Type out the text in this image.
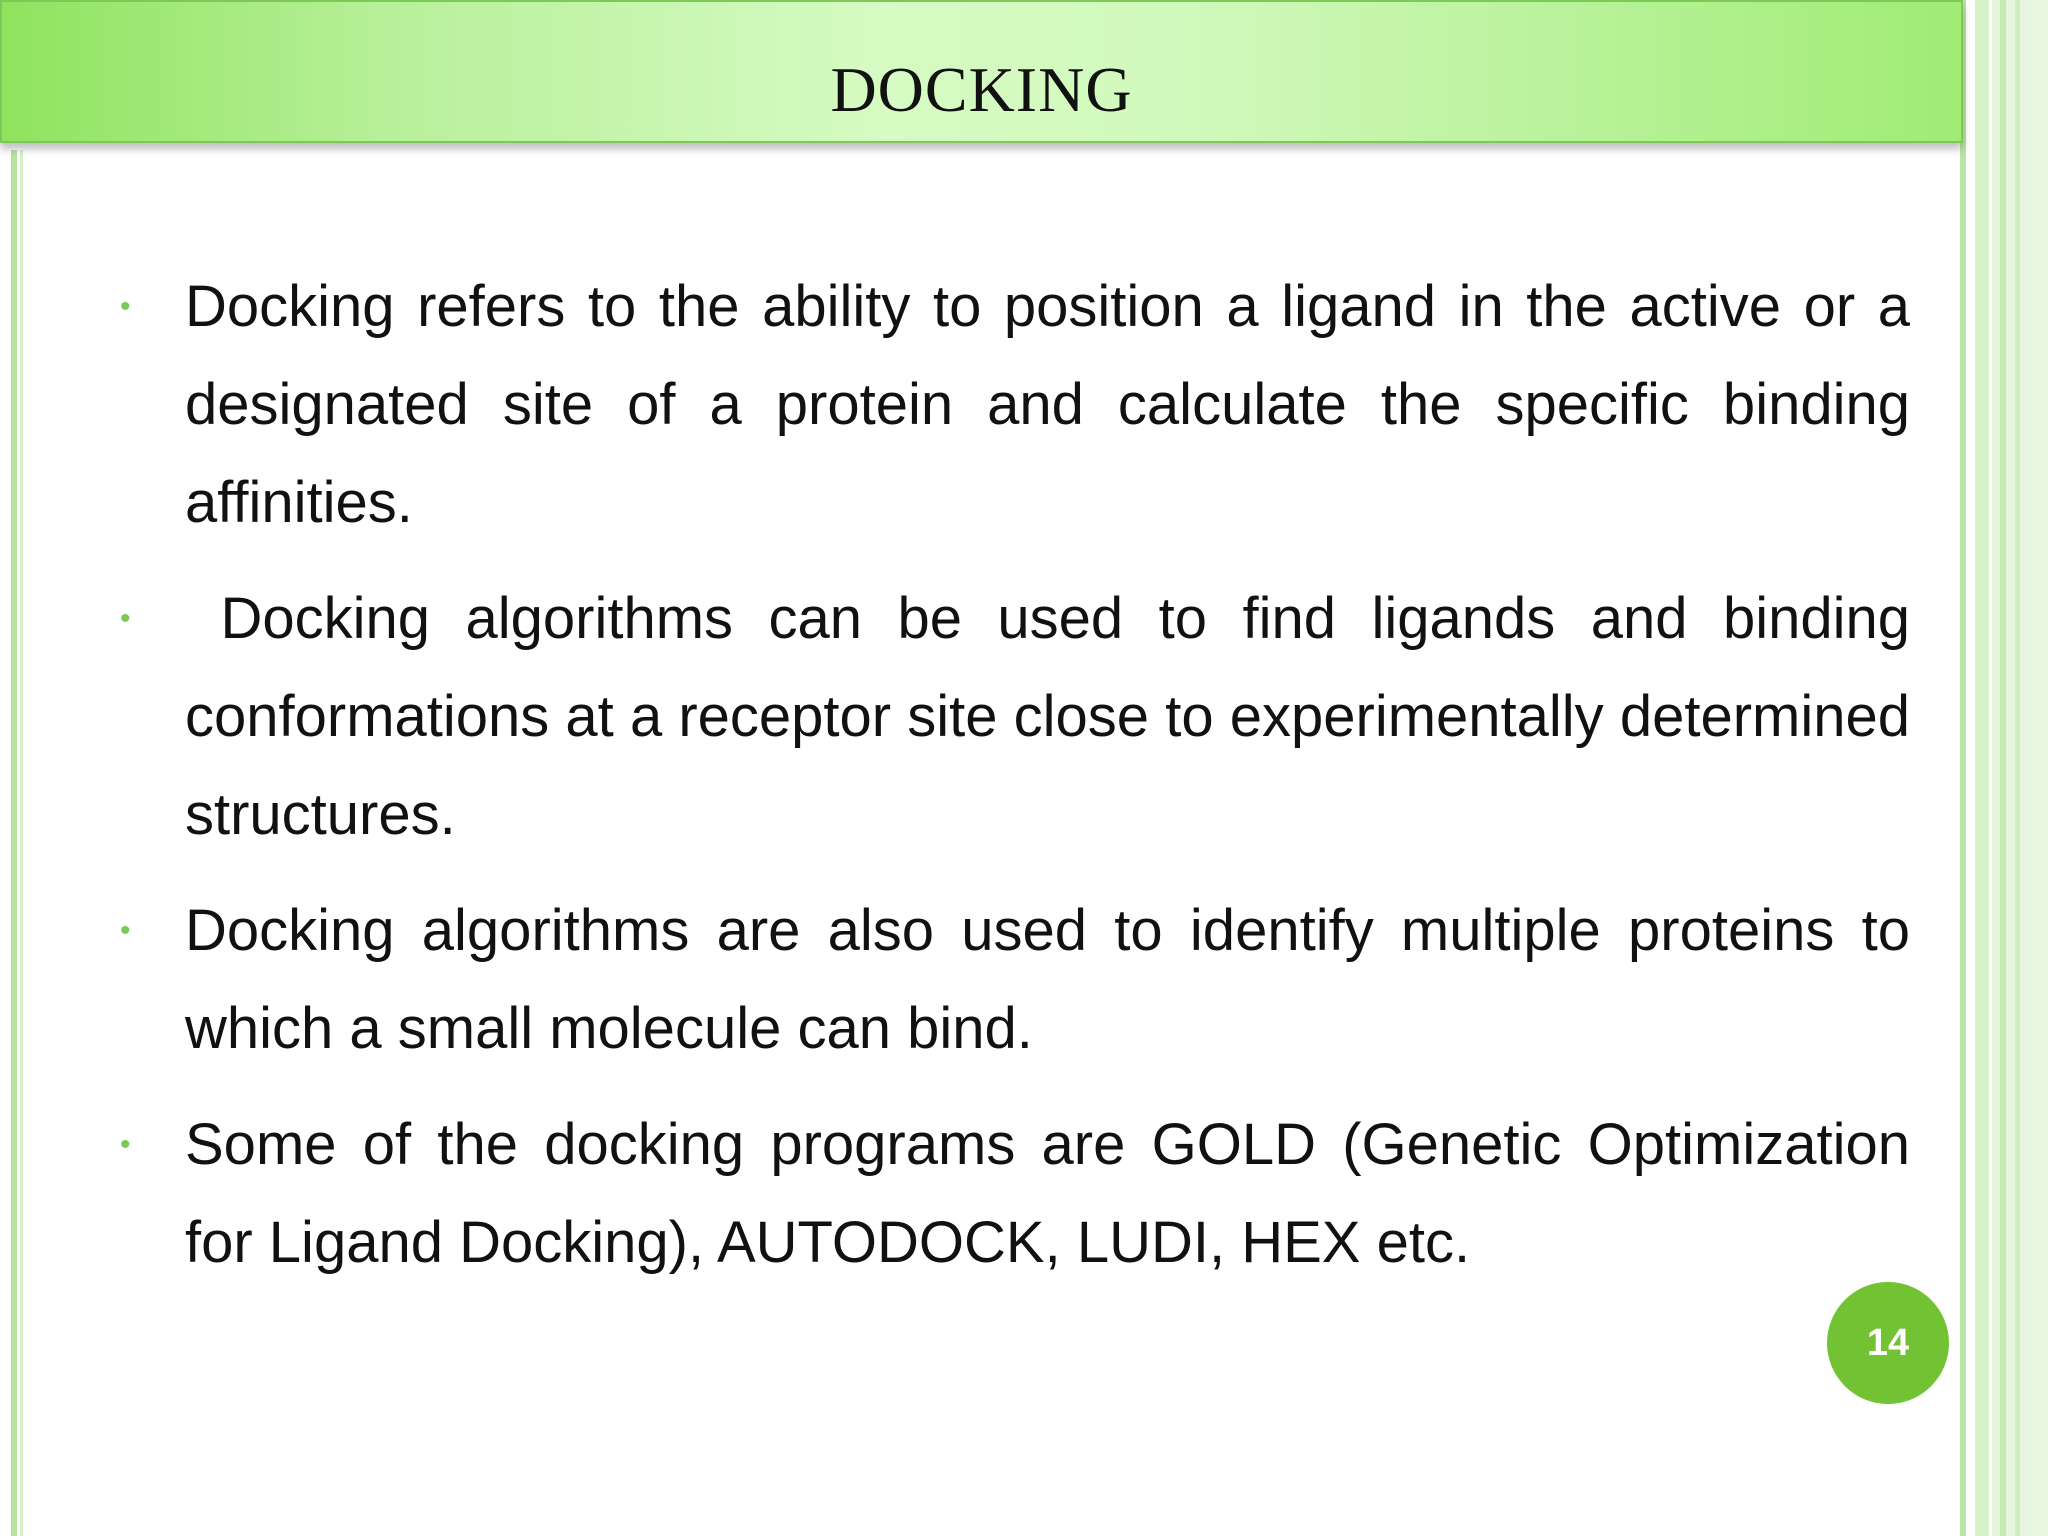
DOCKING
• Docking refers to the ability to position a ligand in the active or a designated site of a protein and calculate the specific binding affinities.

• Docking algorithms can be used to find ligands and binding conformations at a receptor site close to experimentally determined structures.

• Docking algorithms are also used to identify multiple proteins to which a small molecule can bind.

• Some of the docking programs are GOLD (Genetic Optimization for Ligand Docking), AUTODOCK, LUDI, HEX etc.

14
